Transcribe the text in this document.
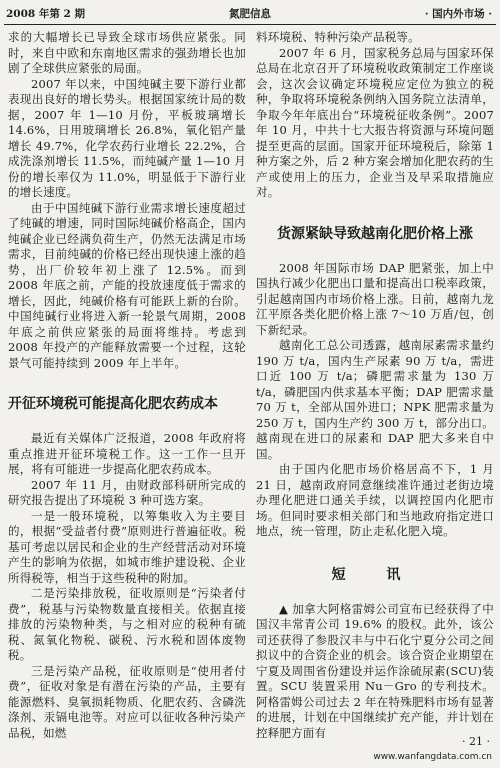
2008 年第 2 期	氮肥信息	· 国内外市场 ·

求的大幅增长已导致全球市场供应紧张。同时，来自中欧和东南地区需求的强劲增长也加剧了全球供应紧张的局面。

2007 年以来，中国纯碱主要下游行业都表现出良好的增长势头。根据国家统计局的数据，2007 年 1—10 月份，平板玻璃增长 14.6%，日用玻璃增长 26.8%，氧化铝产量增长 49.7%，化学农药行业增长 22.2%，合成洗涤剂增长 11.5%，而纯碱产量 1—10 月份的增长率仅为 11.0%，明显低于下游行业的增长速度。

由于中国纯碱下游行业需求增长速度超过了纯碱的增速，同时国际纯碱价格高企，国内纯碱企业已经满负荷生产，仍然无法满足市场需求，目前纯碱的价格已经出现快速上涨的趋势，出厂价较年初上涨了 12.5%。而到 2008 年底之前，产能的投放速度低于需求的增长，因此，纯碱价格有可能跃上新的台阶。中国纯碱行业将进入新一轮景气周期，2008 年底之前供应紧张的局面将维持。考虑到 2008 年投产的产能释放需要一个过程，这轮景气可能持续到 2009 年上半年。

开征环境税可能提高化肥农药成本

最近有关媒体广泛报道，2008 年政府将重点推进开征环境税工作。这一工作一旦开展，将有可能进一步提高化肥农药成本。

2007 年 11 月，由财政部科研所完成的研究报告提出了环境税 3 种可选方案。

一是一般环境税，以筹集收入为主要目的，根据“受益者付费”原则进行普遍征收。税基可考虑以居民和企业的生产经营活动对环境产生的影响为依据，如城市维护建设税、企业所得税等，相当于这些税种的附加。

二是污染排放税，征收原则是“污染者付费”，税基与污染物数量直接相关。依据直接排放的污染物种类，与之相对应的税种有硫税、氮氧化物税、碳税、污水税和固体废物税。

三是污染产品税，征收原则是“使用者付费”，征收对象是有潜在污染的产品，主要有能源燃料、臭氧损耗物质、化肥农药、含磷洗涤剂、汞镉电池等。对应可以征收各种污染产品税，如燃

料环境税、特种污染产品税等。

2007 年 6 月，国家税务总局与国家环保总局在北京召开了环境税收政策制定工作座谈会，这次会议确定环境税应定位为独立的税种，争取将环境税条例纳入国务院立法清单，争取今年年底出台“环境税征收条例”。2007 年 10 月，中共十七大报告将资源与环境问题提至更高的层面。国家开征环境税后，除第 1 种方案之外，后 2 种方案会增加化肥农药的生产或使用上的压力，企业当及早采取措施应对。

货源紧缺导致越南化肥价格上涨

2008 年国际市场 DAP 肥紧张，加上中国执行减少化肥出口量和提高出口税率政策，引起越南国内市场价格上涨。日前，越南九龙江平原各类化肥价格上涨 7～10 万盾/包，创下新纪录。

越南化工总公司透露，越南尿素需求量约 190 万 t/a，国内生产尿素 90 万 t/a，需进口近 100 万 t/a；磷肥需求量为 130 万 t/a，磷肥国内供求基本平衡；DAP 肥需求量 70 万 t，全部从国外进口；NPK 肥需求量为 250 万 t，国内生产约 300 万 t，部分出口。越南现在进口的尿素和 DAP 肥大多来自中国。

由于国内化肥市场价格居高不下，1 月 21 日，越南政府同意继续准许通过老街边境办理化肥进口通关手续，以调控国内化肥市场。但同时要求相关部门和当地政府指定进口地点，统一管理，防止走私化肥入境。

短 讯

▲ 加拿大阿格雷姆公司宣布已经获得了中国汉丰常青公司 19.6% 的股权。此外，该公司还获得了参股汉丰与中石化宁夏分公司之间拟议中的合资企业的机会。该合资企业期望在宁夏及周围省份建设并运作涂硫尿素(SCU)装置。SCU 装置采用 Nu－Gro 的专利技术。阿格雷姆公司过去 2 年在特殊肥料市场有显著的进展，计划在中国继续扩充产能，并计划在控释肥方面有

· 21 ·
www.wanfangdata.com.cn
